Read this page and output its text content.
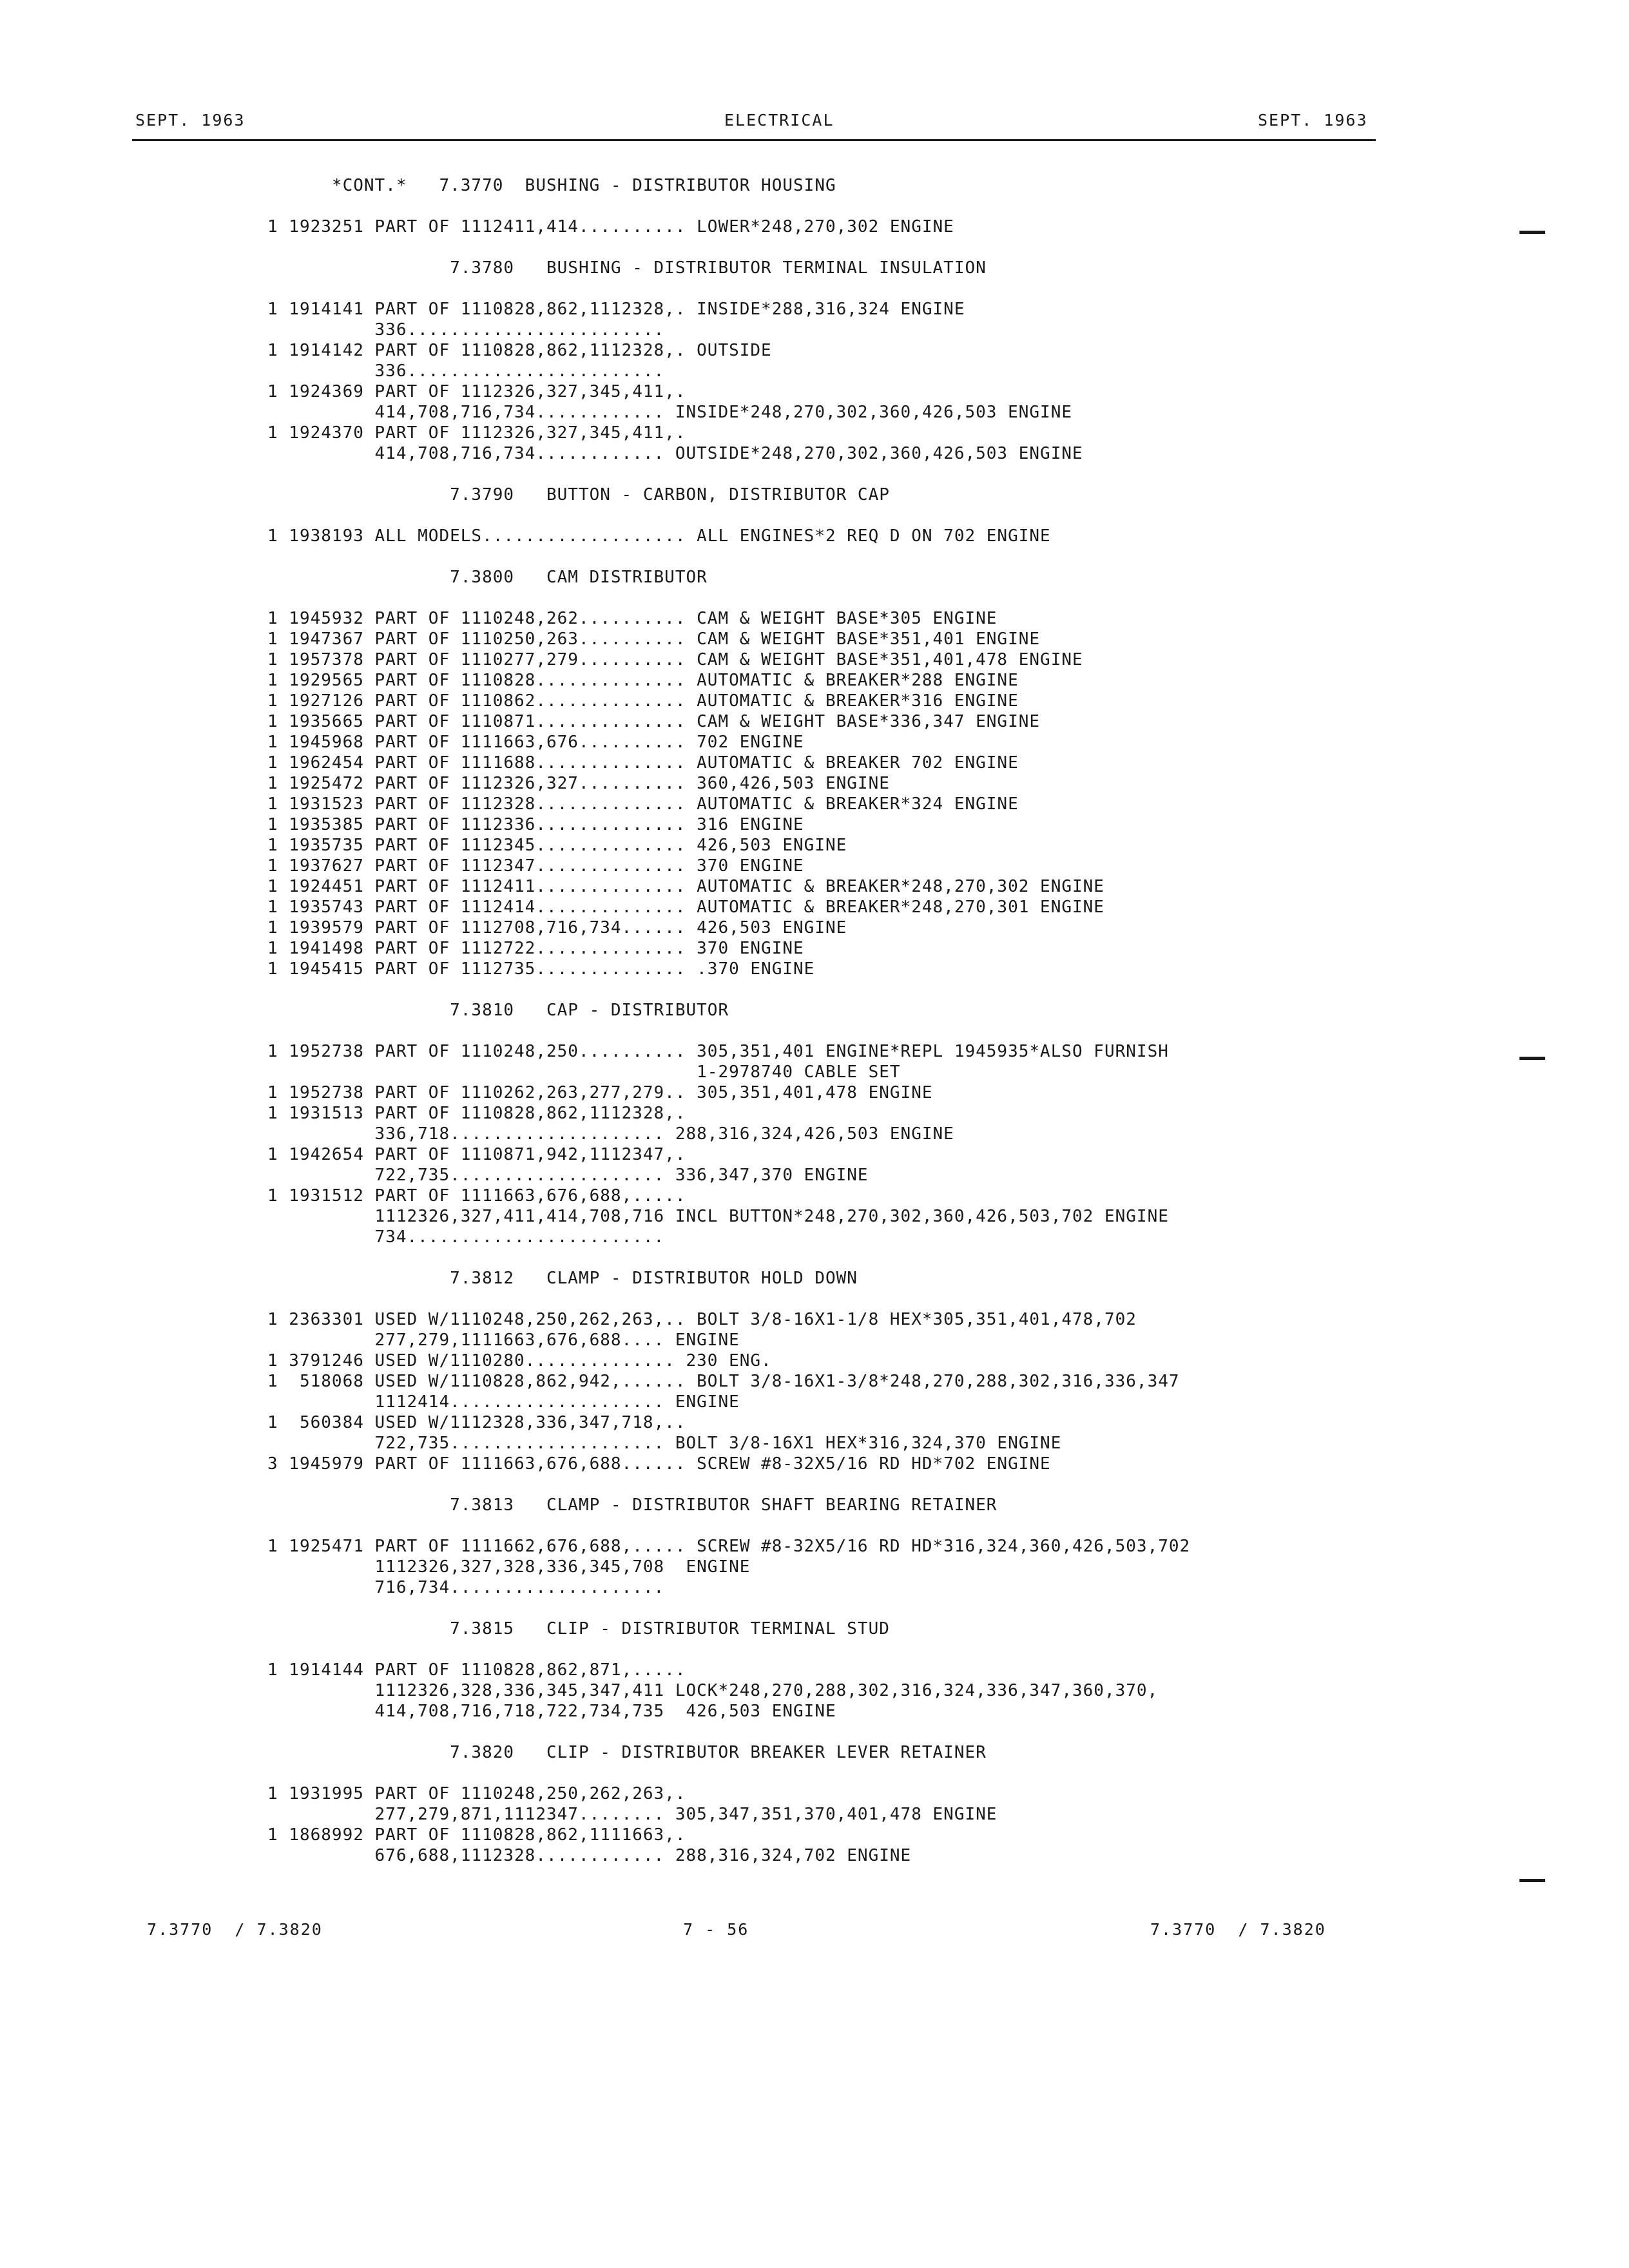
SEPT. 1963	ELECTRICAL	SEPT. 1963
*CONT.*   7.3770  BUSHING - DISTRIBUTOR HOUSING

1 1923251 PART OF 1112411,414.......... LOWER*248,270,302 ENGINE

7.3780   BUSHING - DISTRIBUTOR TERMINAL INSULATION

1 1914141 PART OF 1110828,862,1112328,. INSIDE*288,316,324 ENGINE
336........................
1 1914142 PART OF 1110828,862,1112328,. OUTSIDE
336........................
1 1924369 PART OF 1112326,327,345,411,.
414,708,716,734............ INSIDE*248,270,302,360,426,503 ENGINE
1 1924370 PART OF 1112326,327,345,411,.
414,708,716,734............ OUTSIDE*248,270,302,360,426,503 ENGINE

7.3790   BUTTON - CARBON, DISTRIBUTOR CAP

1 1938193 ALL MODELS................... ALL ENGINES*2 REQ D ON 702 ENGINE

7.3800   CAM DISTRIBUTOR

1 1945932 PART OF 1110248,262.......... CAM & WEIGHT BASE*305 ENGINE
1 1947367 PART OF 1110250,263.......... CAM & WEIGHT BASE*351,401 ENGINE
1 1957378 PART OF 1110277,279.......... CAM & WEIGHT BASE*351,401,478 ENGINE
1 1929565 PART OF 1110828.............. AUTOMATIC & BREAKER*288 ENGINE
1 1927126 PART OF 1110862.............. AUTOMATIC & BREAKER*316 ENGINE
1 1935665 PART OF 1110871.............. CAM & WEIGHT BASE*336,347 ENGINE
1 1945968 PART OF 1111663,676.......... 702 ENGINE
1 1962454 PART OF 1111688.............. AUTOMATIC & BREAKER 702 ENGINE
1 1925472 PART OF 1112326,327.......... 360,426,503 ENGINE
1 1931523 PART OF 1112328.............. AUTOMATIC & BREAKER*324 ENGINE
1 1935385 PART OF 1112336.............. 316 ENGINE
1 1935735 PART OF 1112345.............. 426,503 ENGINE
1 1937627 PART OF 1112347.............. 370 ENGINE
1 1924451 PART OF 1112411.............. AUTOMATIC & BREAKER*248,270,302 ENGINE
1 1935743 PART OF 1112414.............. AUTOMATIC & BREAKER*248,270,301 ENGINE
1 1939579 PART OF 1112708,716,734...... 426,503 ENGINE
1 1941498 PART OF 1112722.............. 370 ENGINE
1 1945415 PART OF 1112735.............. .370 ENGINE

7.3810   CAP - DISTRIBUTOR

1 1952738 PART OF 1110248,250.......... 305,351,401 ENGINE*REPL 1945935*ALSO FURNISH
1-2978740 CABLE SET
1 1952738 PART OF 1110262,263,277,279.. 305,351,401,478 ENGINE
1 1931513 PART OF 1110828,862,1112328,.
336,718.................... 288,316,324,426,503 ENGINE
1 1942654 PART OF 1110871,942,1112347,.
722,735.................... 336,347,370 ENGINE
1 1931512 PART OF 1111663,676,688,.....
1112326,327,411,414,708,716 INCL BUTTON*248,270,302,360,426,503,702 ENGINE
734........................

7.3812   CLAMP - DISTRIBUTOR HOLD DOWN

1 2363301 USED W/1110248,250,262,263,.. BOLT 3/8-16X1-1/8 HEX*305,351,401,478,702
277,279,1111663,676,688.... ENGINE
1 3791246 USED W/1110280.............. 230 ENG.
1  518068 USED W/1110828,862,942,...... BOLT 3/8-16X1-3/8*248,270,288,302,316,336,347
1112414.................... ENGINE
1  560384 USED W/1112328,336,347,718,..
722,735.................... BOLT 3/8-16X1 HEX*316,324,370 ENGINE
3 1945979 PART OF 1111663,676,688...... SCREW #8-32X5/16 RD HD*702 ENGINE

7.3813   CLAMP - DISTRIBUTOR SHAFT BEARING RETAINER

1 1925471 PART OF 1111662,676,688,..... SCREW #8-32X5/16 RD HD*316,324,360,426,503,702
1112326,327,328,336,345,708  ENGINE
716,734....................

7.3815   CLIP - DISTRIBUTOR TERMINAL STUD

1 1914144 PART OF 1110828,862,871,.....
1112326,328,336,345,347,411 LOCK*248,270,288,302,316,324,336,347,360,370,
414,708,716,718,722,734,735  426,503 ENGINE

7.3820   CLIP - DISTRIBUTOR BREAKER LEVER RETAINER

1 1931995 PART OF 1110248,250,262,263,.
277,279,871,1112347........ 305,347,351,370,401,478 ENGINE
1 1868992 PART OF 1110828,862,1111663,.
676,688,1112328............ 288,316,324,702 ENGINE
7.3770  / 7.3820	7 - 56	7.3770  / 7.3820
